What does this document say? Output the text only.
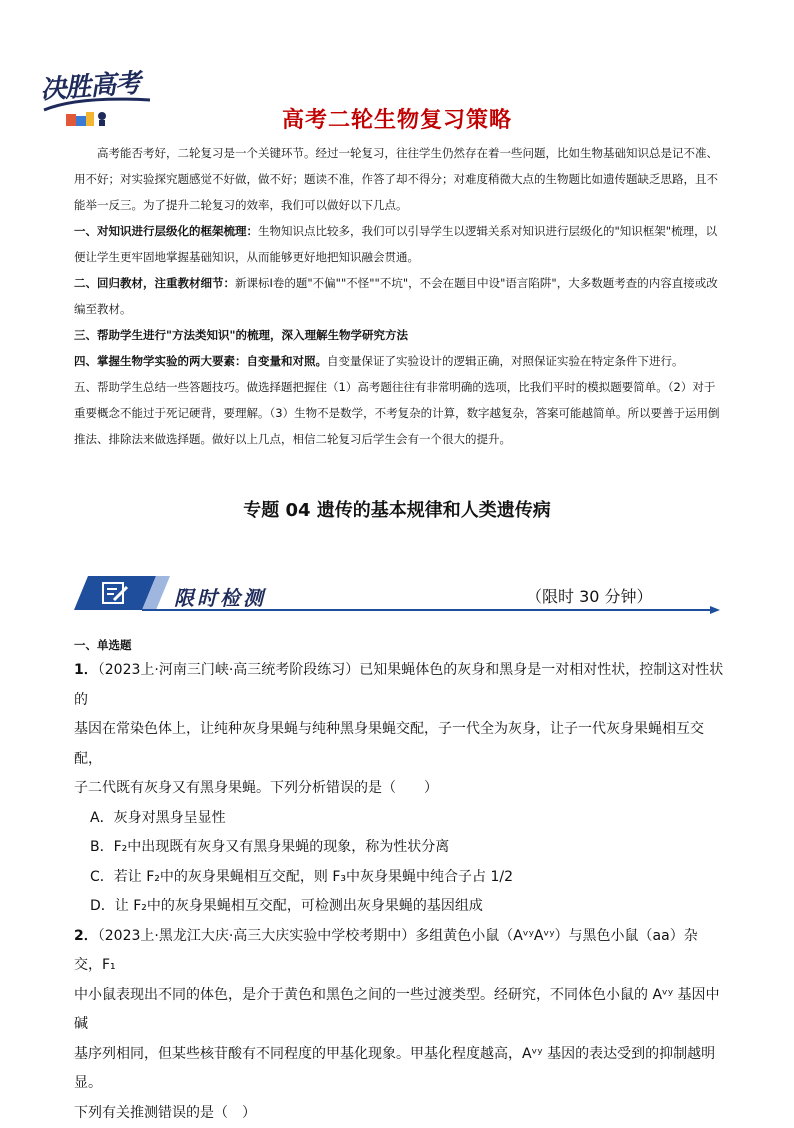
决胜高考
高考二轮生物复习策略

高考能否考好，二轮复习是一个关键环节。经过一轮复习，往往学生仍然存在着一些问题，比如生物基础知识总是记不准、用不好；对实验探究题感觉不好做，做不好；题读不准，作答了却不得分；对难度稍微大点的生物题比如遗传题缺乏思路，且不能举一反三。为了提升二轮复习的效率，我们可以做好以下几点。

一、对知识进行层级化的框架梳理：生物知识点比较多，我们可以引导学生以逻辑关系对知识进行层级化的"知识框架"梳理，以便让学生更牢固地掌握基础知识，从而能够更好地把知识融会贯通。

二、回归教材，注重教材细节：新课标Ⅰ卷的题"不偏""不怪""不坑"，不会在题目中设"语言陷阱"，大多数题考查的内容直接或改编至教材。

三、帮助学生进行"方法类知识"的梳理，深入理解生物学研究方法

四、掌握生物学实验的两大要素：自变量和对照。自变量保证了实验设计的逻辑正确，对照保证实验在特定条件下进行。

五、帮助学生总结一些答题技巧。做选择题把握住（1）高考题往往有非常明确的选项，比我们平时的模拟题要简单。（2）对于重要概念不能过于死记硬背，要理解。（3）生物不是数学，不考复杂的计算，数字越复杂，答案可能越简单。所以要善于运用倒推法、排除法来做选择题。做好以上几点，相信二轮复习后学生会有一个很大的提升。

专题 04 遗传的基本规律和人类遗传病
限时检测	（限时 30 分钟）

一、单选题

1．（2023上·河南三门峡·高三统考阶段练习）已知果蝇体色的灰身和黑身是一对相对性状，控制这对性状的

基因在常染色体上，让纯种灰身果蝇与纯种黑身果蝇交配，子一代全为灰身，让子一代灰身果蝇相互交配，

子二代既有灰身又有黑身果蝇。下列分析错误的是（　　）

A．灰身对黑身呈显性

B．F₂中出现既有灰身又有黑身果蝇的现象，称为性状分离

C．若让 F₂中的灰身果蝇相互交配，则 F₃中灰身果蝇中纯合子占 1/2

D．让 F₂中的灰身果蝇相互交配，可检测出灰身果蝇的基因组成

2．（2023上·黑龙江大庆·高三大庆实验中学校考期中）多组黄色小鼠（AᵛʸAᵛʸ）与黑色小鼠（aa）杂交，F₁

中小鼠表现出不同的体色，是介于黄色和黑色之间的一些过渡类型。经研究，不同体色小鼠的 Aᵛʸ 基因中碱

基序列相同，但某些核苷酸有不同程度的甲基化现象。甲基化程度越高，Aᵛʸ 基因的表达受到的抑制越明显。

下列有关推测错误的是（　）
